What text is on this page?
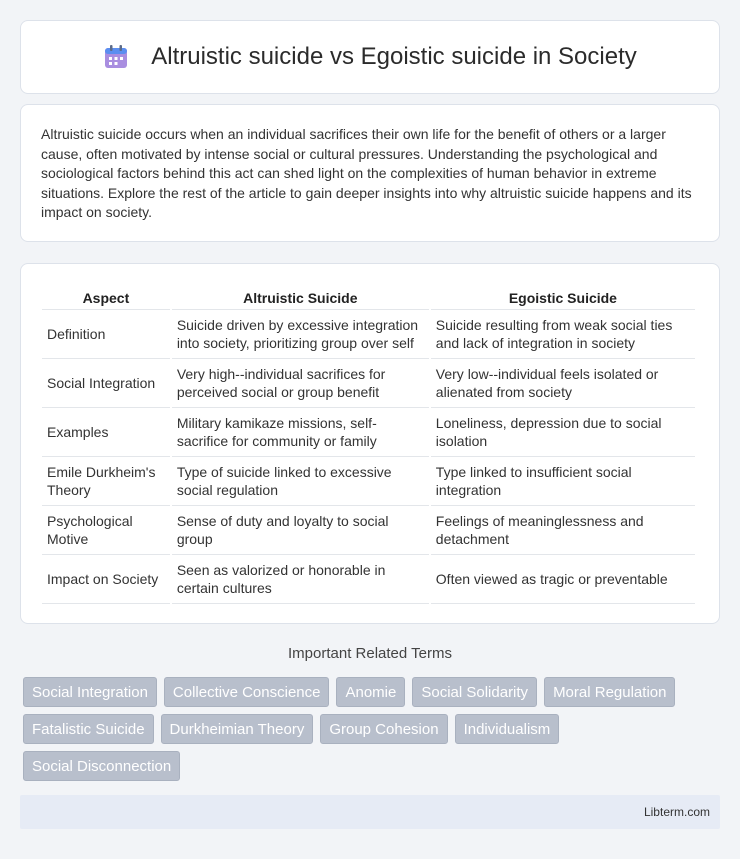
Altruistic suicide vs Egoistic suicide in Society

Altruistic suicide occurs when an individual sacrifices their own life for the benefit of others or a larger cause, often motivated by intense social or cultural pressures. Understanding the psychological and sociological factors behind this act can shed light on the complexities of human behavior in extreme situations. Explore the rest of the article to gain deeper insights into why altruistic suicide happens and its impact on society.

Aspect	Altruistic Suicide	Egoistic Suicide
Definition	Suicide driven by excessive integration into society, prioritizing group over self	Suicide resulting from weak social ties and lack of integration in society
Social Integration	Very high--individual sacrifices for perceived social or group benefit	Very low--individual feels isolated or alienated from society
Examples	Military kamikaze missions, self-sacrifice for community or family	Loneliness, depression due to social isolation
Emile Durkheim's Theory	Type of suicide linked to excessive social regulation	Type linked to insufficient social integration
Psychological Motive	Sense of duty and loyalty to social group	Feelings of meaninglessness and detachment
Impact on Society	Seen as valorized or honorable in certain cultures	Often viewed as tragic or preventable
Important Related Terms
Social Integration	Collective Conscience	Anomie	Social Solidarity	Moral Regulation
Fatalistic Suicide	Durkheimian Theory	Group Cohesion	Individualism
Social Disconnection
Libterm.com
